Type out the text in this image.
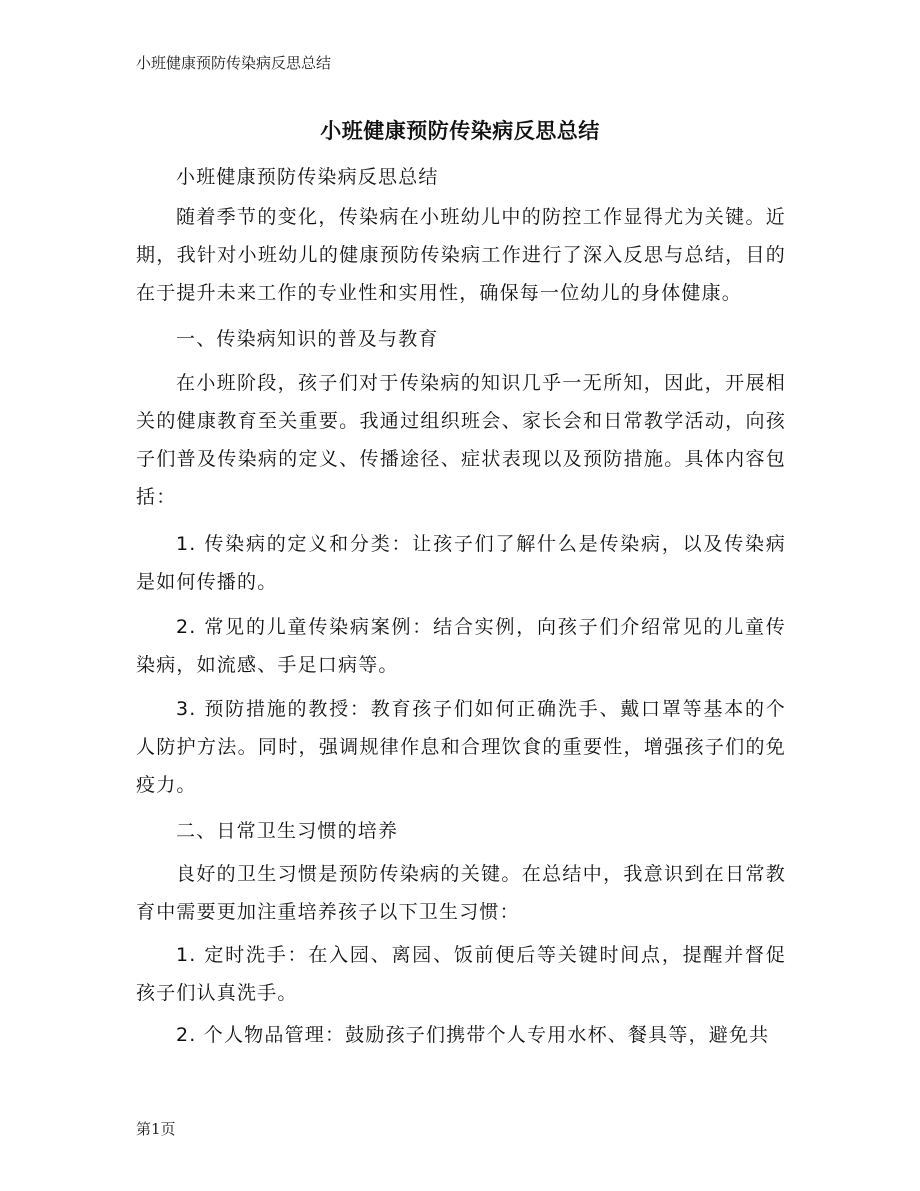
小班健康预防传染病反思总结
小班健康预防传染病反思总结

小班健康预防传染病反思总结

随着季节的变化，传染病在小班幼儿中的防控工作显得尤为关键。近期，我针对小班幼儿的健康预防传染病工作进行了深入反思与总结，目的在于提升未来工作的专业性和实用性，确保每一位幼儿的身体健康。

一、传染病知识的普及与教育

在小班阶段，孩子们对于传染病的知识几乎一无所知，因此，开展相关的健康教育至关重要。我通过组织班会、家长会和日常教学活动，向孩子们普及传染病的定义、传播途径、症状表现以及预防措施。具体内容包括：

1. 传染病的定义和分类：让孩子们了解什么是传染病，以及传染病是如何传播的。

2. 常见的儿童传染病案例：结合实例，向孩子们介绍常见的儿童传染病，如流感、手足口病等。

3. 预防措施的教授：教育孩子们如何正确洗手、戴口罩等基本的个人防护方法。同时，强调规律作息和合理饮食的重要性，增强孩子们的免疫力。

二、日常卫生习惯的培养

良好的卫生习惯是预防传染病的关键。在总结中，我意识到在日常教育中需要更加注重培养孩子以下卫生习惯：

1. 定时洗手：在入园、离园、饭前便后等关键时间点，提醒并督促孩子们认真洗手。

2. 个人物品管理：鼓励孩子们携带个人专用水杯、餐具等，避免共

第1页
